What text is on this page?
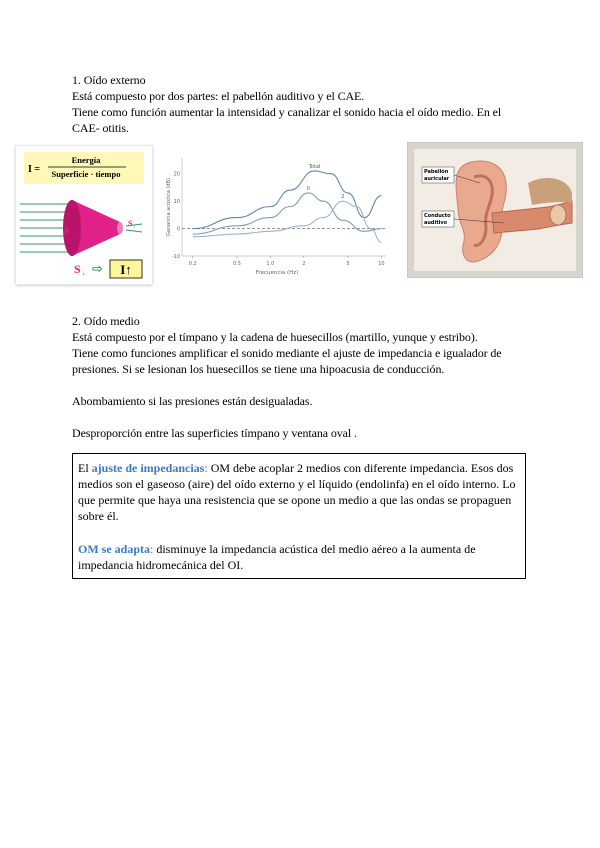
1. Oído externo
Está compuesto por dos partes: el pabellón auditivo y el CAE.
Tiene como función aumentar la intensidad y canalizar el sonido hacia el oído medio. En el
CAE- otitis.
I =
Energía
Superficie · tiempo
S ↑
S ↓
S ↓ ⇨ I↑
-10
0
10
20
0.2	0.5	1.0	2	5	10
Total
II
2
Frecuencia (Hz)
Ganancia acústica (dB)
Pabellón
auricular
Conducto
auditivo
2. Oído medio
Está compuesto por el tímpano y la cadena de huesecillos (martillo, yunque y estribo).
Tiene como funciones amplificar el sonido mediante el ajuste de impedancia e igualador de
presiones. Si se lesionan los huesecillos se tiene una hipoacusia de conducción.
Abombamiento si las presiones están desigualadas.
Desproporción entre las superficies tímpano y ventana oval .

El ajuste de impedancias: OM debe acoplar 2 medios con diferente impedancia. Esos dos

medios son el gaseoso (aire) del oído externo y el líquido (endolinfa) en el oído interno. Lo

que permite que haya una resistencia que se opone un medio a que las ondas se propaguen

sobre él.

OM se adapta: disminuye la impedancia acústica del medio aéreo a la aumenta de

impedancia hidromecánica del OI.
